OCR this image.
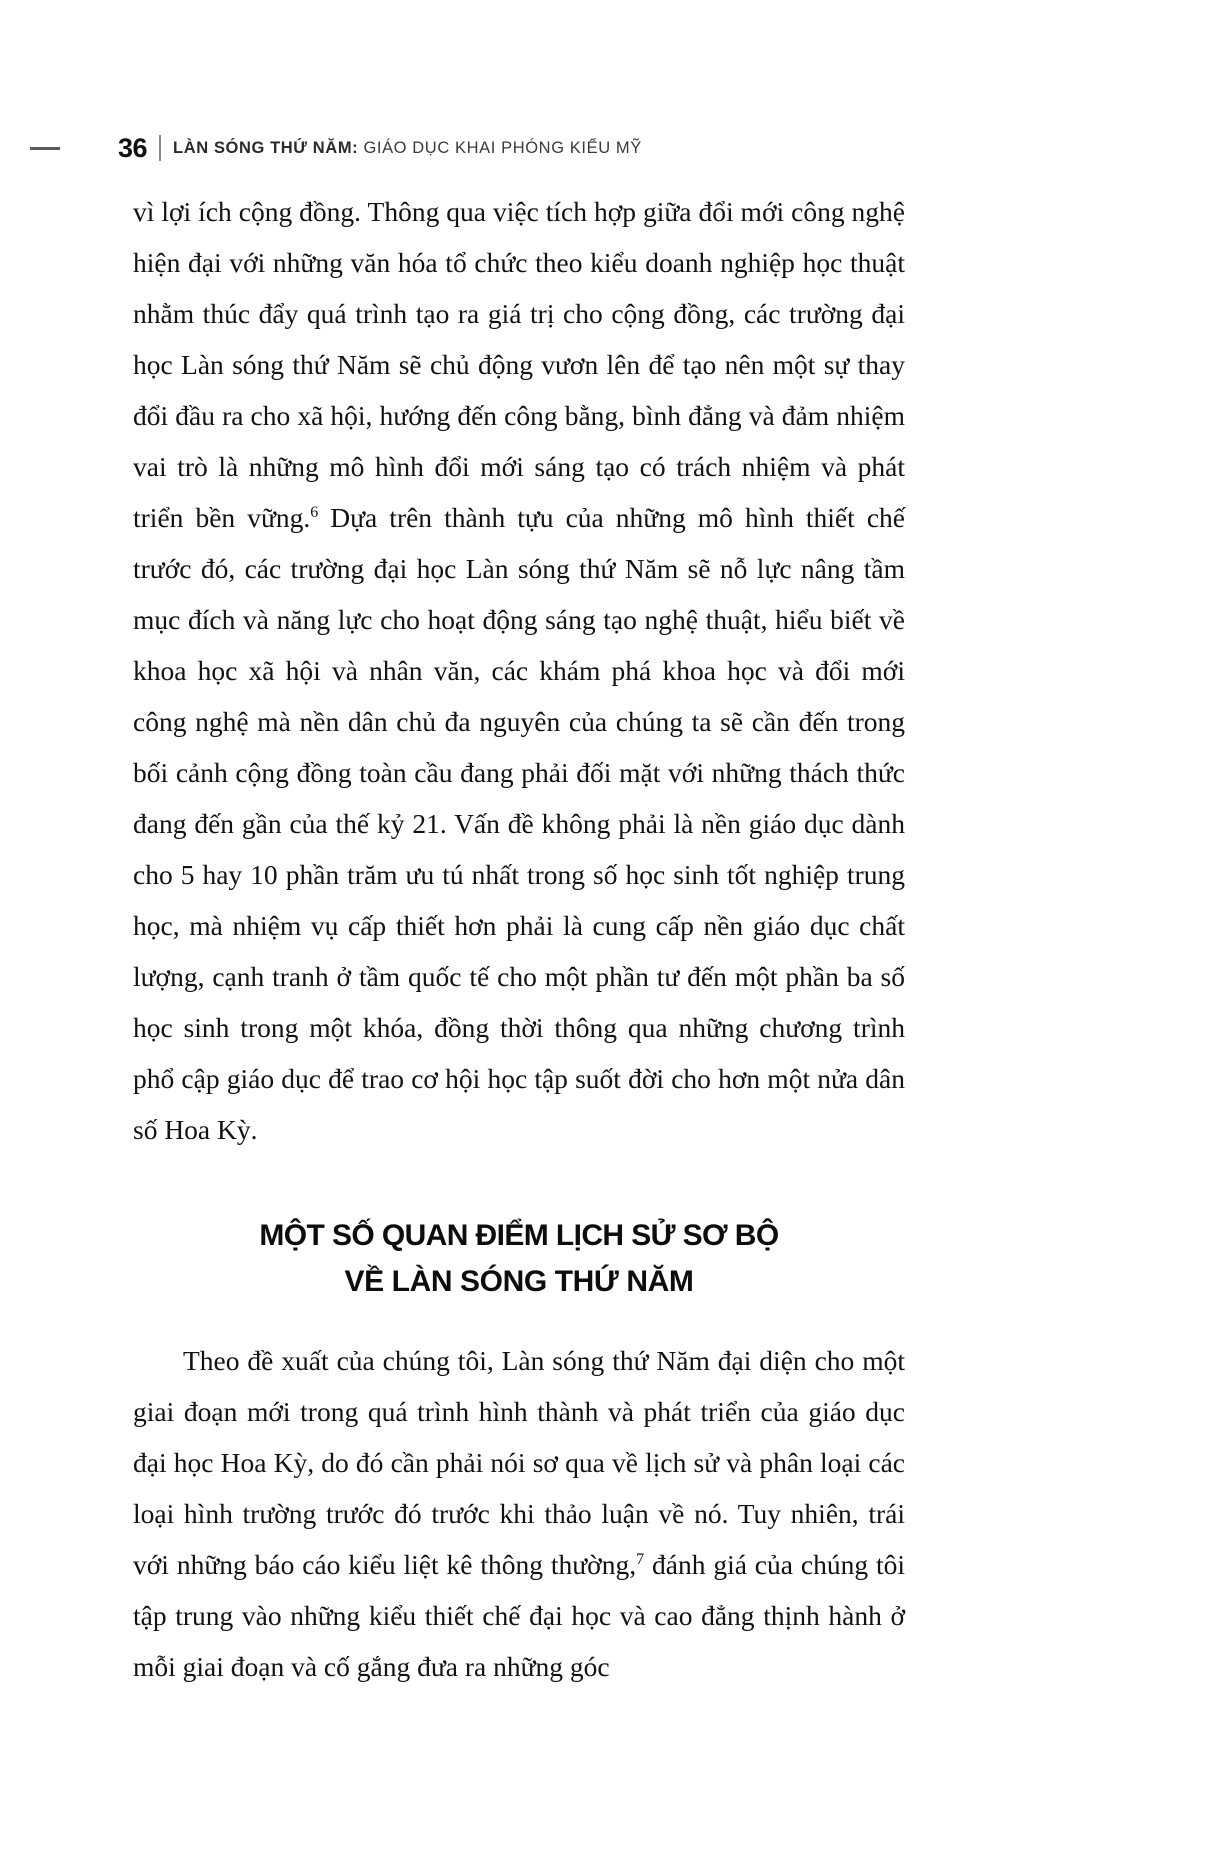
36 LÀN SÓNG THỨ NĂM: GIÁO DỤC KHAI PHÓNG KIỂU MỸ

vì lợi ích cộng đồng. Thông qua việc tích hợp giữa đổi mới công nghệ hiện đại với những văn hóa tổ chức theo kiểu doanh nghiệp học thuật nhằm thúc đẩy quá trình tạo ra giá trị cho cộng đồng, các trường đại học Làn sóng thứ Năm sẽ chủ động vươn lên để tạo nên một sự thay đổi đầu ra cho xã hội, hướng đến công bằng, bình đẳng và đảm nhiệm vai trò là những mô hình đổi mới sáng tạo có trách nhiệm và phát triển bền vững.$^6$ Dựa trên thành tựu của những mô hình thiết chế trước đó, các trường đại học Làn sóng thứ Năm sẽ nỗ lực nâng tầm mục đích và năng lực cho hoạt động sáng tạo nghệ thuật, hiểu biết về khoa học xã hội và nhân văn, các khám phá khoa học và đổi mới công nghệ mà nền dân chủ đa nguyên của chúng ta sẽ cần đến trong bối cảnh cộng đồng toàn cầu đang phải đối mặt với những thách thức đang đến gần của thế kỷ 21. Vấn đề không phải là nền giáo dục dành cho 5 hay 10 phần trăm ưu tú nhất trong số học sinh tốt nghiệp trung học, mà nhiệm vụ cấp thiết hơn phải là cung cấp nền giáo dục chất lượng, cạnh tranh ở tầm quốc tế cho một phần tư đến một phần ba số học sinh trong một khóa, đồng thời thông qua những chương trình phổ cập giáo dục để trao cơ hội học tập suốt đời cho hơn một nửa dân số Hoa Kỳ.

MỘT SỐ QUAN ĐIỂM LỊCH SỬ SƠ BỘ
VỀ LÀN SÓNG THỨ NĂM

Theo đề xuất của chúng tôi, Làn sóng thứ Năm đại diện cho một giai đoạn mới trong quá trình hình thành và phát triển của giáo dục đại học Hoa Kỳ, do đó cần phải nói sơ qua về lịch sử và phân loại các loại hình trường trước đó trước khi thảo luận về nó. Tuy nhiên, trái với những báo cáo kiểu liệt kê thông thường,$^7$ đánh giá của chúng tôi tập trung vào những kiểu thiết chế đại học và cao đẳng thịnh hành ở mỗi giai đoạn và cố gắng đưa ra những góc
